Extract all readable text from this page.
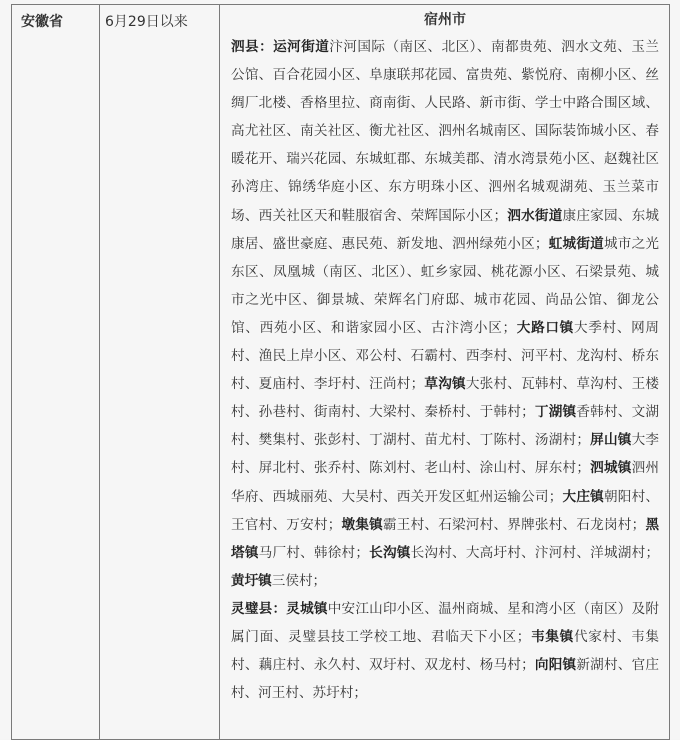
安徽省	6月29日以来	宿州市
泗县：运河街道汴河国际（南区、北区）、南都贵苑、泗水文苑、玉兰公馆、百合花园小区、阜康联邦花园、富贵苑、紫悦府、南柳小区、丝绸厂北楼、香格里拉、商南街、人民路、新市街、学士中路合围区域、高尤社区、南关社区、衡尤社区、泗州名城南区、国际装饰城小区、春暖花开、瑞兴花园、东城虹郡、东城美郡、清水湾景苑小区、赵魏社区孙湾庄、锦绣华庭小区、东方明珠小区、泗州名城观湖苑、玉兰菜市场、西关社区天和鞋服宿舍、荣辉国际小区；泗水街道康庄家园、东城康居、盛世豪庭、惠民苑、新发地、泗州绿苑小区；虹城街道城市之光东区、凤凰城（南区、北区）、虹乡家园、桃花源小区、石梁景苑、城市之光中区、御景城、荣辉名门府邸、城市花园、尚品公馆、御龙公馆、西苑小区、和谐家园小区、古汴湾小区；大路口镇大季村、网周村、渔民上岸小区、邓公村、石霸村、西李村、河平村、龙沟村、桥东村、夏庙村、李圩村、汪尚村；草沟镇大张村、瓦韩村、草沟村、王楼村、孙巷村、街南村、大梁村、秦桥村、于韩村；丁湖镇香韩村、文湖村、樊集村、张彭村、丁湖村、苗尤村、丁陈村、汤湖村；屏山镇大李村、屏北村、张乔村、陈刘村、老山村、涂山村、屏东村；泗城镇泗州华府、西城丽苑、大吴村、西关开发区虹州运输公司；大庄镇朝阳村、王官村、万安村；墩集镇霸王村、石梁河村、界牌张村、石龙岗村；黑塔镇马厂村、韩徐村；长沟镇长沟村、大高圩村、汴河村、洋城湖村；黄圩镇三侯村；
灵璧县：灵城镇中安江山印小区、温州商城、星和湾小区（南区）及附属门面、灵璧县技工学校工地、君临天下小区；韦集镇代家村、韦集村、藕庄村、永久村、双圩村、双龙村、杨马村；向阳镇新湖村、官庄村、河王村、苏圩村；
